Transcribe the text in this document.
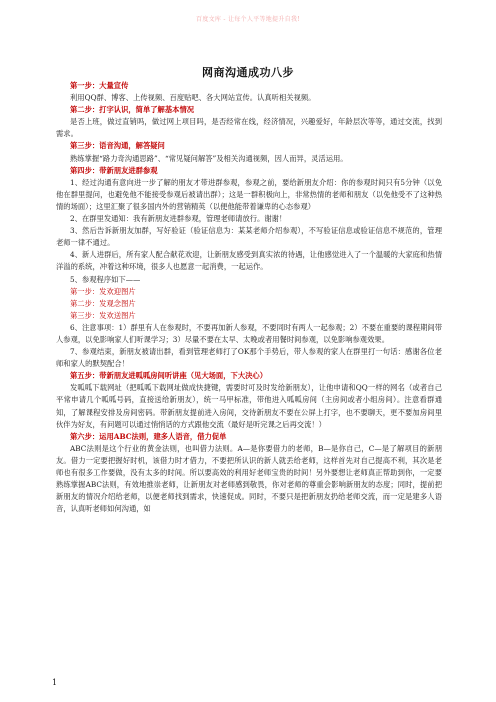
百度文库 - 让每个人平等地提升自我!
网商沟通成功八步

第一步：大量宣传

利用QQ群、博客、上传视频、百度贴吧、各大网站宣传。认真听相关视频。

第二步：打字认识，简单了解基本情况

是否上班，做过直销吗，做过网上项目吗，是否经常在线，经济情况，兴趣爱好，年龄层次等等，通过交流，找到需求。

第三步：语音沟通，解答疑问

熟练掌握“路力奇沟通思路”、“常见疑问解答”及相关沟通视频，因人而异，灵活运用。

第四步：带新朋友进群参观

1、经过沟通有意向进一步了解的朋友才带进群参观，参观之前，要给新朋友介绍：你的参观时间只有5分钟（以免他在群里提问，也避免他不能接受参观后被请出群）；这是一群积极向上，非常热情的老师和朋友（以免他受不了这种热情的场面）；这里汇聚了很多国内外的营销精英（以便他能带着谦卑的心态参观）

2、在群里发通知：我有新朋友进群参观，管理老师请放行。谢谢！

3、然后告诉新朋友加群，写好验证（验证信息为：某某老师介绍参观），不写验证信息或验证信息不规范的，管理老师一律不通过。

4、新人进群后，所有家人配合献花欢迎，让新朋友感受到真实浓的待遇，让他感觉进入了一个温暖的大家庭和热情洋溢的系统，冲着这种环境，很多人也愿意一起消费，一起运作。

5、参观程序如下——

第一步：发欢迎图片

第二步：发观念图片

第三步：发欢送图片

6、注意事项：1）群里有人在参观时，不要再加新人参观，不要同时有两人一起参观；2）不要在重要的课程期间带人参观，以免影响家人们听课学习；3）尽量不要在太早、太晚或者用餐时间参观，以免影响参观效果。

7、参观结束，新朋友被请出群，看到管理老师打了OK那个手势后，带人参观的家人在群里打一句话：感谢各位老师和家人的默契配合！

第五步：带新朋友进呱呱房间听讲座（见大场面，下大决心）

发呱呱下载网址（把呱呱下载网址做成快捷键，需要时可及时发给新朋友），让他申请和QQ一样的网名（或者自己平常申请几个呱呱号码，直接送给新朋友），统一马甲标准，带他进入呱呱房间（主房间或者小组房间）。注意看群通知，了解课程安排及房间密码。带新朋友提前进入房间，交待新朋友不要在公屏上打字，也不要聊天，更不要加房间里伙伴为好友，有问题可以通过悄悄话的方式跟他交流（最好是听完课之后再交流！）

第六步：运用ABC法则，建多人语音，借力促单

ABC法则是这个行业的黄金法则，也叫借力法则。A—是你要借力的老师，B—是你自己，C—是了解项目的新朋友。借力一定要把握好时机，该借力时才借力，不要把所认识的新人就丢给老师，这样首先对自己提高不利，其次是老师也有很多工作要做，没有太多的时间。所以要高效的利用好老师宝贵的时间！另外要想让老师真正帮助到你，一定要熟练掌握ABC法则，有效地推崇老师，让新朋友对老师感到敬畏，你对老师的尊重会影响新朋友的态度；同时，提前把新朋友的情况介绍给老师，以便老师找到需求，快速促成。同时，不要只是把新朋友扔给老师交流，而一定是建多人语音，认真听老师如何沟通，如

1
